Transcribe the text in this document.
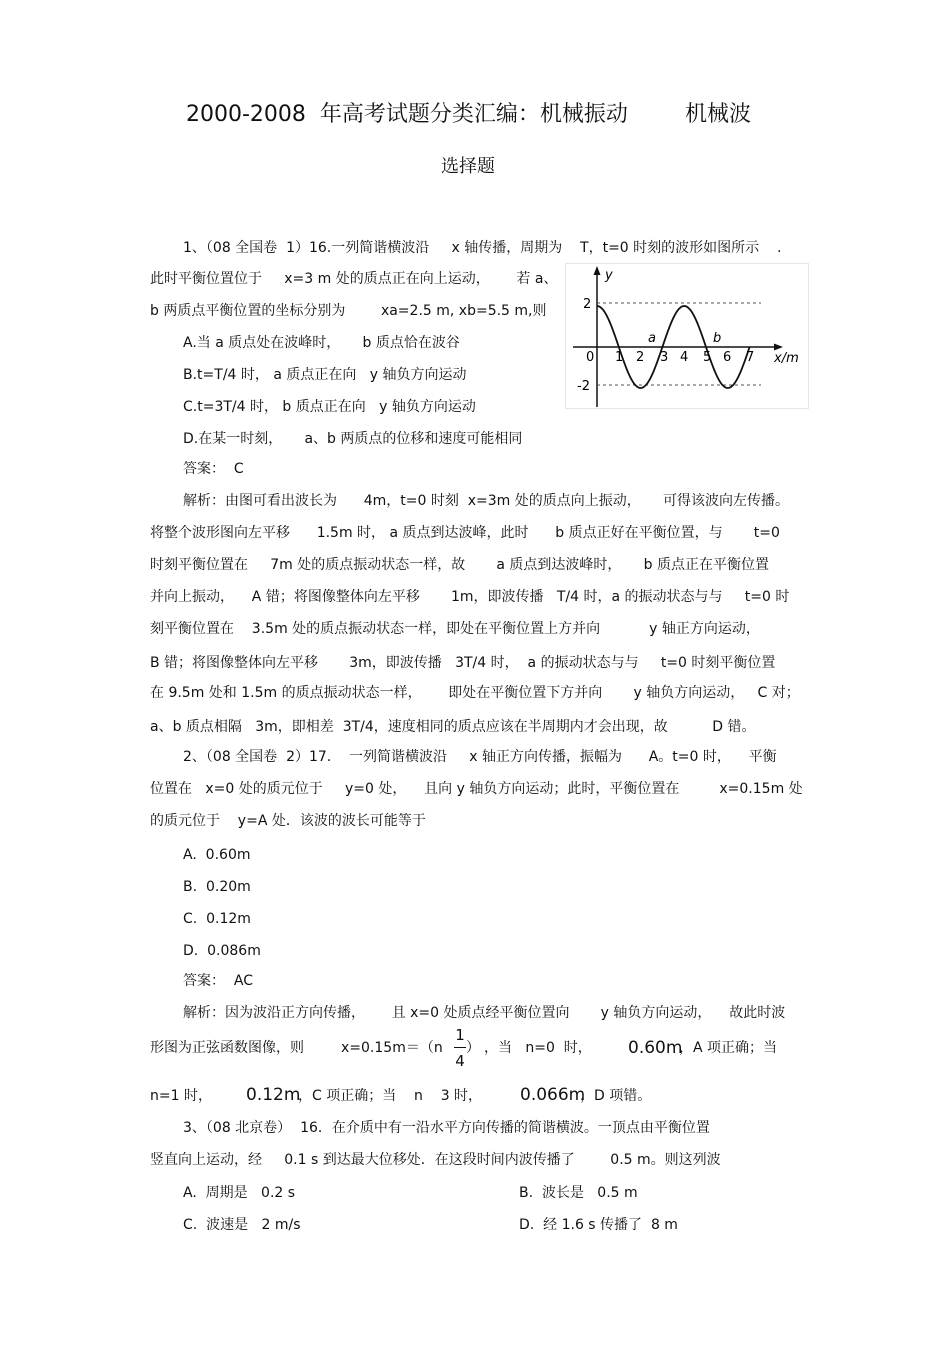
2000-2008  年高考试题分类汇编：机械振动	机械波
选择题
1、（08 全国卷  1）16.一列简谐横波沿     x 轴传播，周期为    T，t=0 时刻的波形如图所示    .
此时平衡位置位于     x=3 m 处的质点正在向上运动，      若 a、
b 两质点平衡位置的坐标分别为        xa=2.5 m, xb=5.5 m,则
A.当 a 质点处在波峰时，     b 质点恰在波谷
B.t=T/4 时， a 质点正在向   y 轴负方向运动
C.t=3T/4 时， b 质点正在向   y 轴负方向运动
D.在某一时刻，     a、b 两质点的位移和速度可能相同
答案：  C
解析：由图可看出波长为      4m，t=0 时刻  x=3m 处的质点向上振动，     可得该波向左传播。
将整个波形图向左平移      1.5m 时， a 质点到达波峰，此时      b 质点正好在平衡位置，与       t=0
时刻平衡位置在     7m 处的质点振动状态一样，故       a 质点到达波峰时，     b 质点正在平衡位置
并向上振动，    A 错；将图像整体向左平移       1m，即波传播   T/4 时，a 的振动状态与与     t=0 时
刻平衡位置在    3.5m 处的质点振动状态一样，即处在平衡位置上方并向           y 轴正方向运动，
B 错；将图像整体向左平移       3m，即波传播   3T/4 时，  a 的振动状态与与     t=0 时刻平衡位置
在 9.5m 处和 1.5m 的质点振动状态一样，      即处在平衡位置下方并向       y 轴负方向运动，   C 对；
a、b 质点相隔   3m，即相差  3T/4，速度相同的质点应该在半周期内才会出现，故          D 错。
y
2
-2
0 1 2 3 4 5 6 7 x/m
a	b
2、（08 全国卷  2）17.    一列简谐横波沿     x 轴正方向传播，振幅为      A。t=0 时，    平衡
位置在   x=0 处的质元位于     y=0 处，    且向 y 轴负方向运动；此时，平衡位置在         x=0.15m 处
的质元位于    y=A 处．该波的波长可能等于
A.  0.60m
B.  0.20m
C.  0.12m
D.  0.086m
答案：  AC
解析：因为波沿正方向传播，      且 x=0 处质点经平衡位置向       y 轴负方向运动，    故此时波
形图为正弦函数图像，则	x=0.15m＝（n
1
4
） ，当   n=0  时， 0.60m
，A 项正确；当
n=1 时， 0.12m
，C 项正确；当    n    3 时， 0.066m
，D 项错。
3、（08 北京卷）  16．在介质中有一沿水平方向传播的简谐横波。一顶点由平衡位置
竖直向上运动，经     0.1 s 到达最大位移处．在这段时间内波传播了        0.5 m。则这列波
A.  周期是   0.2 s	B.  波长是   0.5 m
C.  波速是   2 m/s	D.  经 1.6 s 传播了  8 m
